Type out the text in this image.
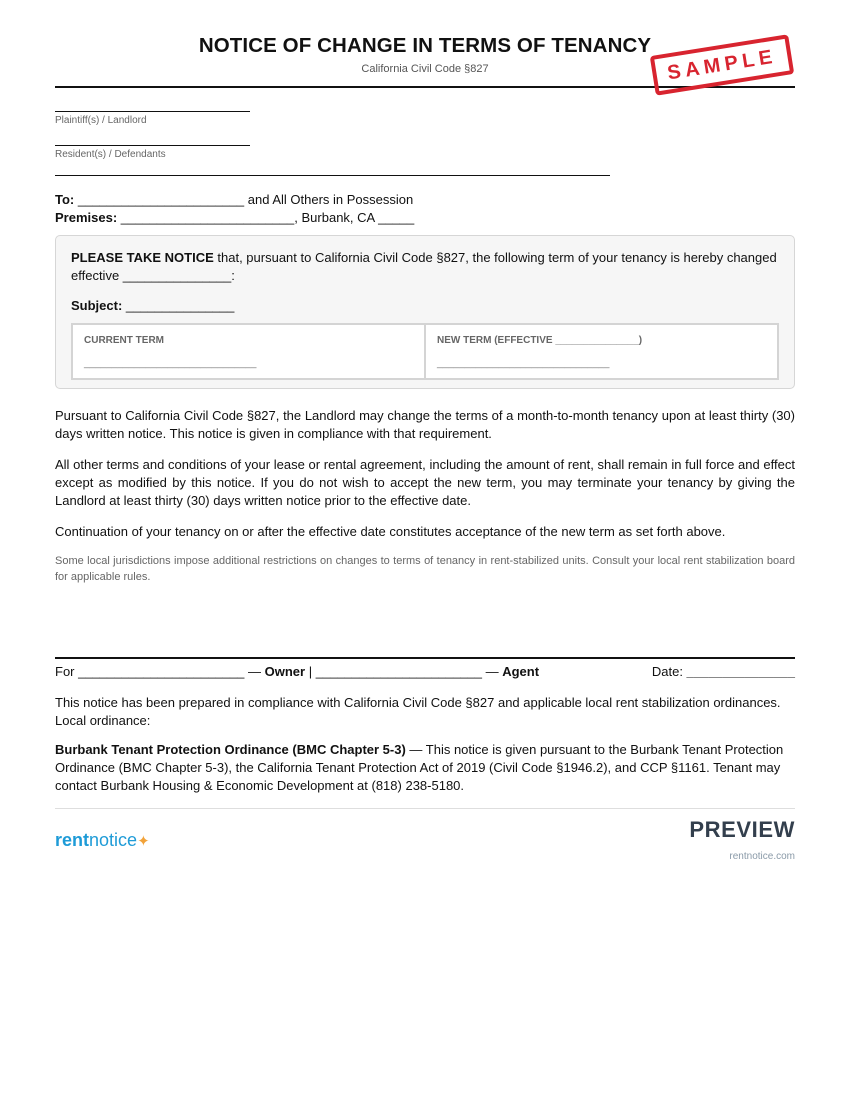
NOTICE OF CHANGE IN TERMS OF TENANCY
California Civil Code §827	SAMPLE
Plaintiff(s) / Landlord
Resident(s) / Defendants
To: _______________________ and All Others in Possession
Premises: ________________________, Burbank, CA _____
PLEASE TAKE NOTICE that, pursuant to California Civil Code §827, the following term of your tenancy is hereby changed effective _______________:
Subject: _______________
CURRENT TERM
_______________________________
NEW TERM (EFFECTIVE _______________)
_______________________________
Pursuant to California Civil Code §827, the Landlord may change the terms of a month-to-month tenancy upon at least thirty (30) days written notice. This notice is given in compliance with that requirement.
All other terms and conditions of your lease or rental agreement, including the amount of rent, shall remain in full force and effect except as modified by this notice. If you do not wish to accept the new term, you may terminate your tenancy by giving the Landlord at least thirty (30) days written notice prior to the effective date.
Continuation of your tenancy on or after the effective date constitutes acceptance of the new term as set forth above.
Some local jurisdictions impose additional restrictions on changes to terms of tenancy in rent-stabilized units. Consult your local rent stabilization board for applicable rules.
For _______________________ — Owner | _______________________ — Agent	Date: _______________
This notice has been prepared in compliance with California Civil Code §827 and applicable local rent stabilization ordinances. Local ordinance:
Burbank Tenant Protection Ordinance (BMC Chapter 5-3) — This notice is given pursuant to the Burbank Tenant Protection Ordinance (BMC Chapter 5-3), the California Tenant Protection Act of 2019 (Civil Code §1946.2), and CCP §1161. Tenant may contact Burbank Housing & Economic Development at (818) 238-5180.
rentnotice✦	PREVIEW
rentnotice.com
